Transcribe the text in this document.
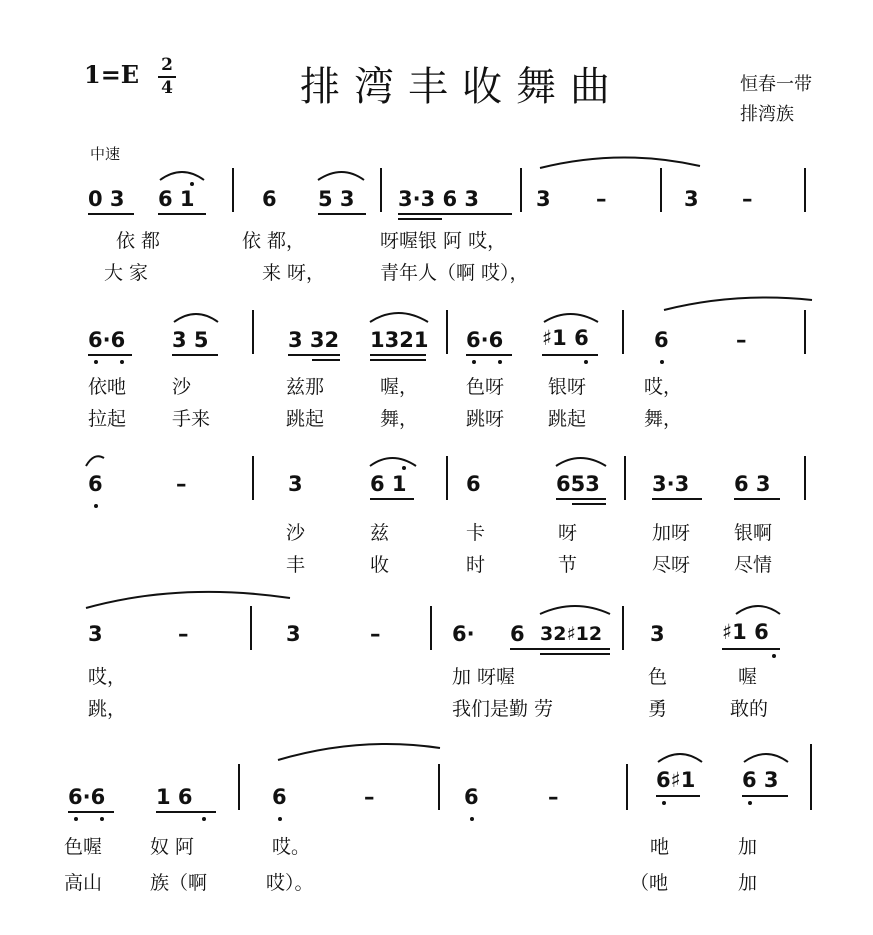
1=E 2
4	排湾丰收舞曲	恒春一带
排湾族
中速
0 3 6 1	6 5 3 3·3 6 3	3 –	3 –
依 都	依 都，	呀喔银 阿 哎，
大 家	来 呀，	青年人（啊 哎），
6·6 3 5	3 32 1321 6·6 ♯1 6	6	–
依吔 沙	兹那	喔，	色呀 银呀	哎，
拉起 手来	跳起	舞，	跳呀 跳起	舞，
6	–	3	6 1	6	653 3·3 6 3
沙	兹	卡	呀	加呀 银啊
丰	收	时	节	尽呀 尽情
3	–	3	–	6· 6 32♯12 3	♯1 6
哎，	加 呀喔	色	喔
跳，	我们是勤 劳	勇	敢的
6·6 1 6	6	–	6	–
6♯1 6 3
色喔	奴 阿	哎。	吔	加
高山	族（啊	哎）。	（吔	加
